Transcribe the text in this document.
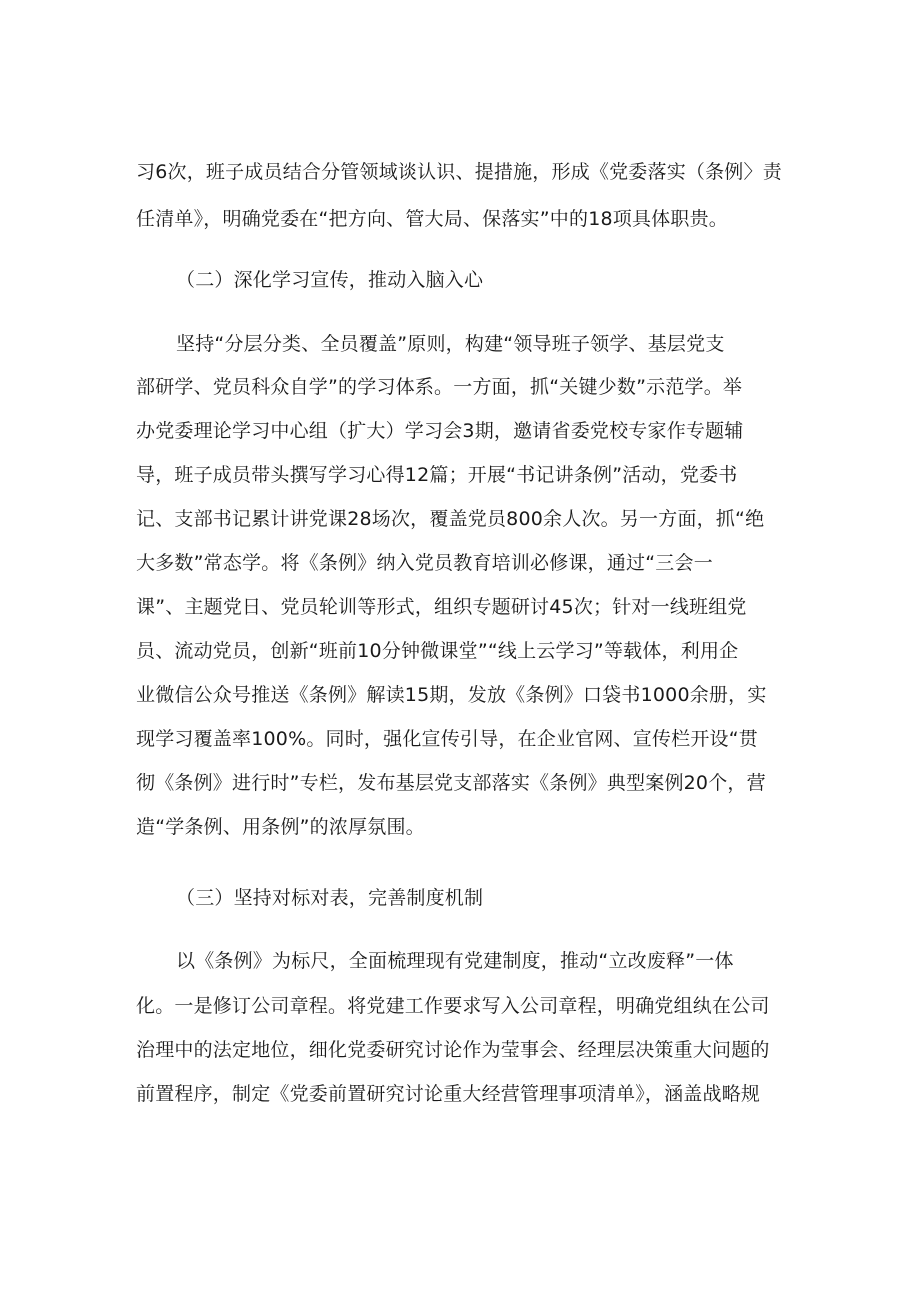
习6次，班子成员结合分管领域谈认识、提措施，形成《党委落实（条例〉责
任清单》，明确党委在“把方向、管大局、保落实”中的18项具体职贵。
（二）深化学习宣传，推动入脑入心
坚持“分层分类、全员覆盖”原则，构建“领导班子领学、基层党支
部研学、党员科众自学”的学习体系。一方面，抓“关键少数”示范学。举
办党委理论学习中心组（扩大）学习会3期，邀请省委党校专家作专题辅
导，班子成员带头撰写学习心得12篇；开展“书记讲条例”活动，党委书
记、支部书记累计讲党课28场次，覆盖党员800余人次。另一方面，抓“绝
大多数”常态学。将《条例》纳入党员教育培训必修课，通过“三会一
课”、主题党日、党员轮训等形式，组织专题研讨45次；针对一线班组党
员、流动党员，创新“班前10分钟微课堂”“线上云学习”等载体，利用企
业微信公众号推送《条例》解读15期，发放《条例》口袋书1000余册，实
现学习覆盖率100%。同时，强化宣传引导，在企业官网、宣传栏开设“贯
彻《条例》进行时”专栏，发布基层党支部落实《条例》典型案例20个，营
造“学条例、用条例”的浓厚氛围。
（三）坚持对标对表，完善制度机制
以《条例》为标尺，全面梳理现有党建制度，推动“立改废释”一体
化。一是修订公司章程。将党建工作要求写入公司章程，明确党组纨在公司
治理中的法定地位，细化党委研究讨论作为莹事会、经理层决策重大问题的
前置程序，制定《党委前置研究讨论重大经营管理事项清单》，涵盖战略规
